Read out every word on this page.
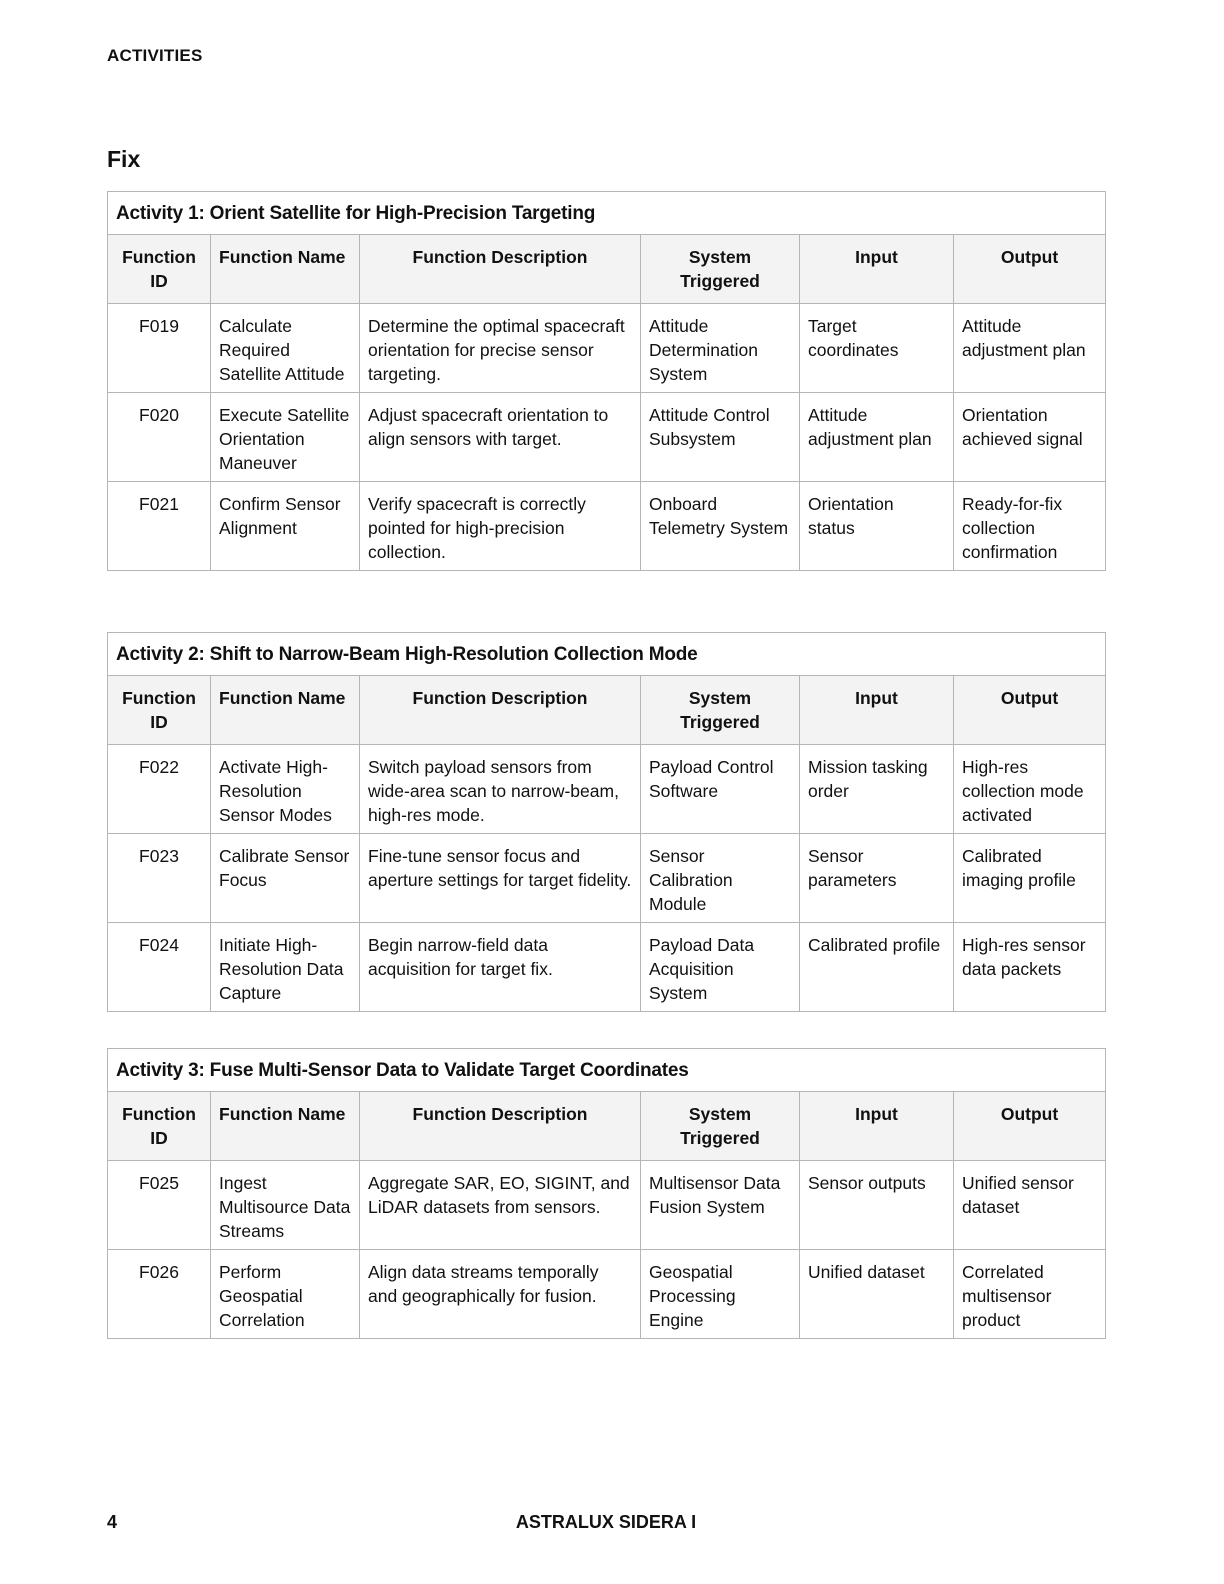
ACTIVITIES
Fix
Activity 1: Orient Satellite for High-Precision Targeting					
Function ID	Function Name	Function Description	System Triggered	Input	Output
F019	Calculate Required Satellite Attitude	Determine the optimal spacecraft orientation for precise sensor targeting.	Attitude Determination System	Target coordinates	Attitude adjustment plan
F020	Execute Satellite Orientation Maneuver	Adjust spacecraft orientation to align sensors with target.	Attitude Control Subsystem	Attitude adjustment plan	Orientation achieved signal
F021	Confirm Sensor Alignment	Verify spacecraft is correctly pointed for high-precision collection.	Onboard Telemetry System	Orientation status	Ready-for-fix collection confirmation
Activity 2: Shift to Narrow-Beam High-Resolution Collection Mode					
Function ID	Function Name	Function Description	System Triggered	Input	Output
F022	Activate High-Resolution Sensor Modes	Switch payload sensors from wide-area scan to narrow-beam, high-res mode.	Payload Control Software	Mission tasking order	High-res collection mode activated
F023	Calibrate Sensor Focus	Fine-tune sensor focus and aperture settings for target fidelity.	Sensor Calibration Module	Sensor parameters	Calibrated imaging profile
F024	Initiate High-Resolution Data Capture	Begin narrow-field data acquisition for target fix.	Payload Data Acquisition System	Calibrated profile	High-res sensor data packets
Activity 3: Fuse Multi-Sensor Data to Validate Target Coordinates					
Function ID	Function Name	Function Description	System Triggered	Input	Output
F025	Ingest Multisource Data Streams	Aggregate SAR, EO, SIGINT, and LiDAR datasets from sensors.	Multisensor Data Fusion System	Sensor outputs	Unified sensor dataset
F026	Perform Geospatial Correlation	Align data streams temporally and geographically for fusion.	Geospatial Processing Engine	Unified dataset	Correlated multisensor product
4	ASTRALUX SIDERA I
